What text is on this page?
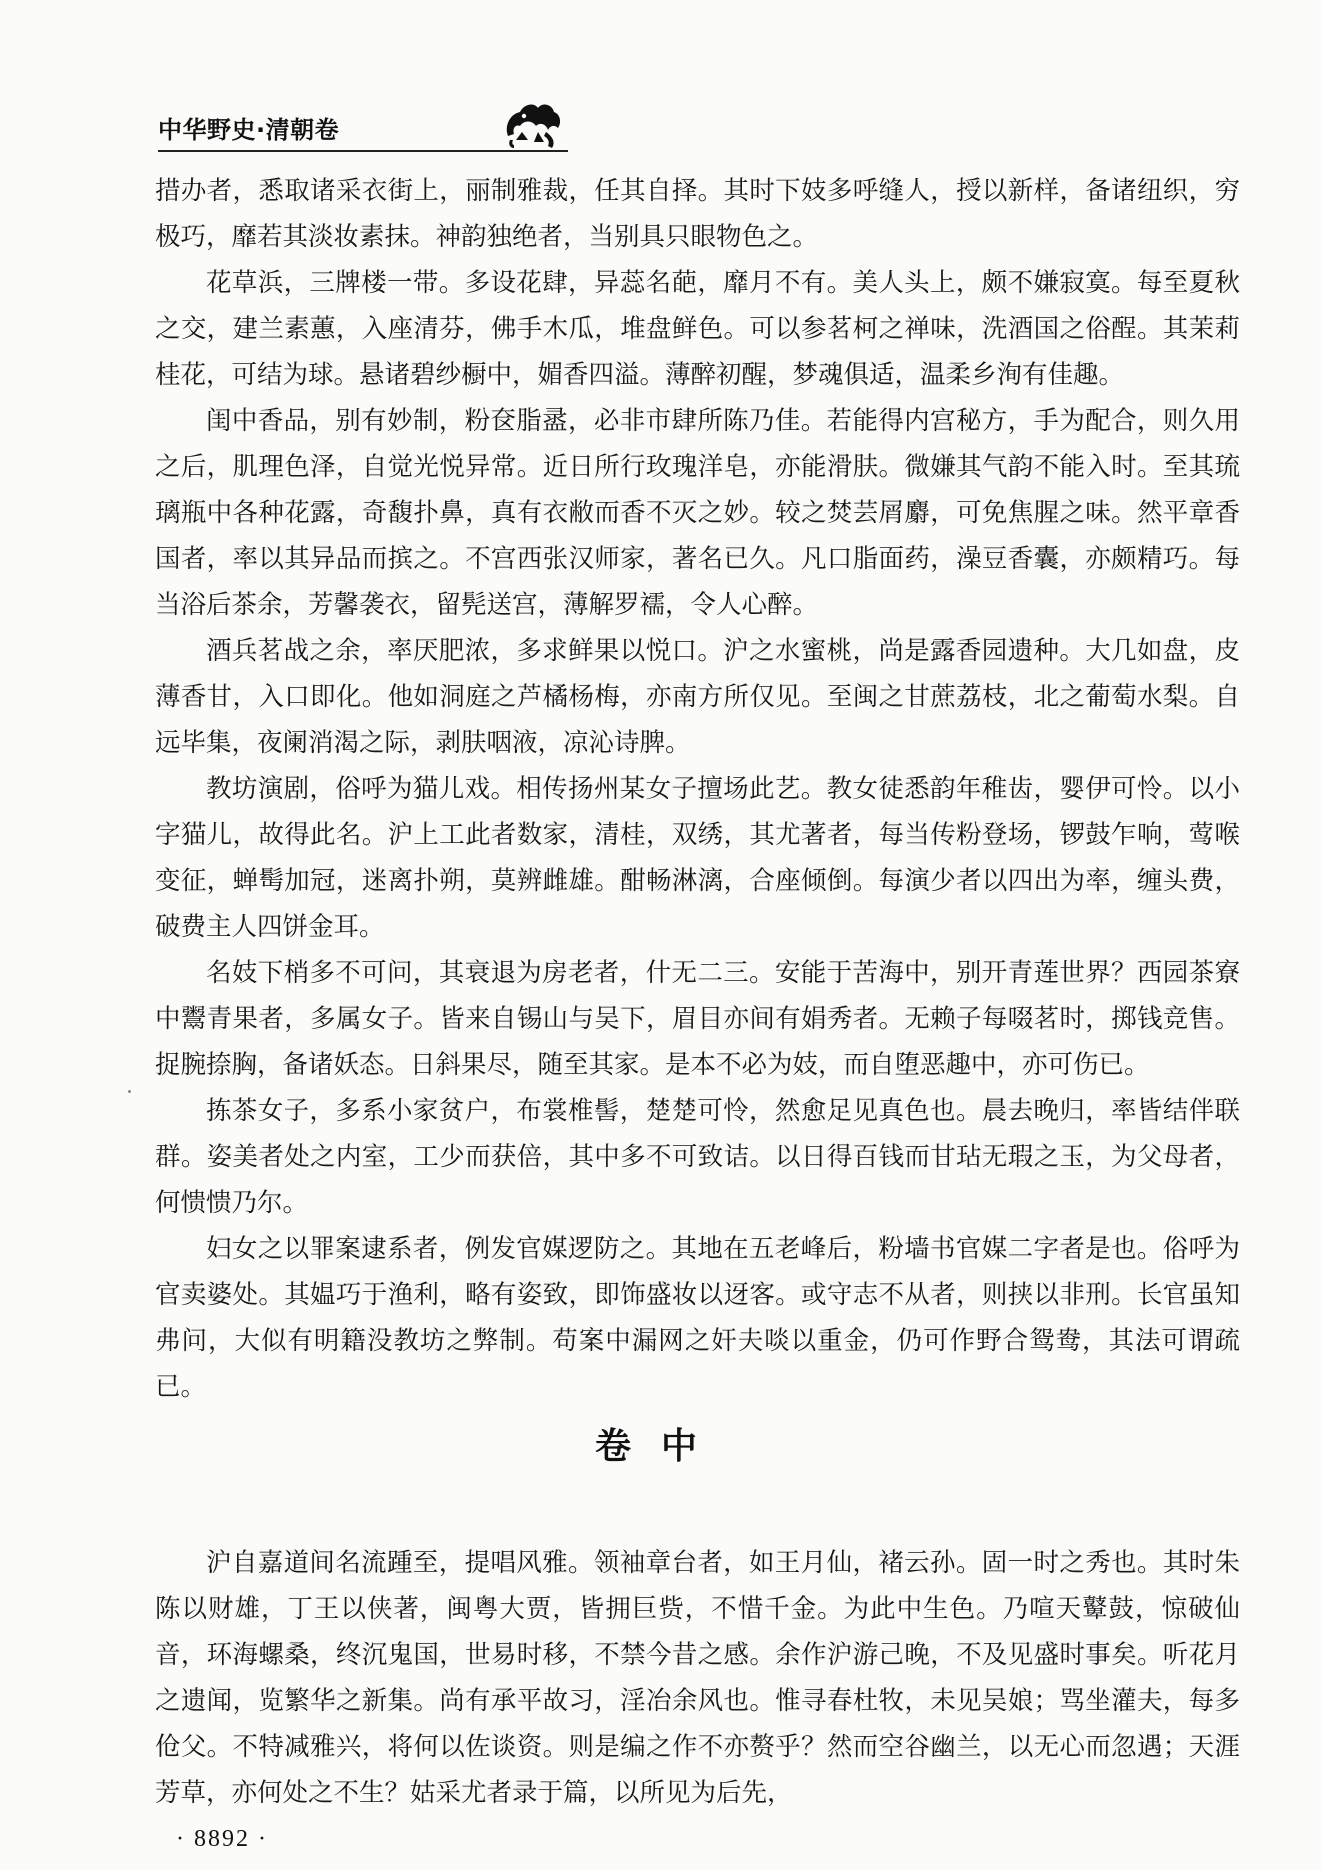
中华野史·清朝卷

措办者，悉取诸采衣街上，丽制雅裁，任其自择。其时下妓多呼缝人，授以新样，备诸纽织，穷极巧，靡若其淡妆素抹。神韵独绝者，当别具只眼物色之。

花草浜，三牌楼一带。多设花肆，异蕊名葩，靡月不有。美人头上，颇不嫌寂寞。每至夏秋之交，建兰素蕙，入座清芬，佛手木瓜，堆盘鲜色。可以参茗柯之禅味，洗酒国之俗酲。其茉莉桂花，可结为球。悬诸碧纱橱中，媚香四溢。薄醉初醒，梦魂俱适，温柔乡洵有佳趣。

闺中香品，别有妙制，粉奁脂盝，必非市肆所陈乃佳。若能得内宫秘方，手为配合，则久用之后，肌理色泽，自觉光悦异常。近日所行玫瑰洋皂，亦能滑肤。微嫌其气韵不能入时。至其琉璃瓶中各种花露，奇馥扑鼻，真有衣敝而香不灭之妙。较之焚芸屑麝，可免焦腥之味。然平章香国者，率以其异品而摈之。不宫西张汉师家，著名已久。凡口脂面药，澡豆香囊，亦颇精巧。每当浴后茶余，芳馨袭衣，留髡送宫，薄解罗襦，令人心醉。

酒兵茗战之余，率厌肥浓，多求鲜果以悦口。沪之水蜜桃，尚是露香园遗种。大几如盘，皮薄香甘，入口即化。他如洞庭之芦橘杨梅，亦南方所仅见。至闽之甘蔗荔枝，北之葡萄水梨。自远毕集，夜阑消渴之际，剥肤咽液，凉沁诗脾。

教坊演剧，俗呼为猫儿戏。相传扬州某女子擅场此艺。教女徒悉韵年稚齿，婴伊可怜。以小字猫儿，故得此名。沪上工此者数家，清桂，双绣，其尤著者，每当传粉登场，锣鼓乍响，莺喉变征，蝉髩加冠，迷离扑朔，莫辨雌雄。酣畅淋漓，合座倾倒。每演少者以四出为率，缠头费，破费主人四饼金耳。

名妓下梢多不可问，其衰退为房老者，什无二三。安能于苦海中，别开青莲世界？西园茶寮中鬻青果者，多属女子。皆来自锡山与吴下，眉目亦间有娟秀者。无赖子每啜茗时，掷钱竞售。捉腕捺胸，备诸妖态。日斜果尽，随至其家。是本不必为妓，而自堕恶趣中，亦可伤已。

拣茶女子，多系小家贫户，布裳椎髻，楚楚可怜，然愈足见真色也。晨去晚归，率皆结伴联群。姿美者处之内室，工少而获倍，其中多不可致诘。以日得百钱而甘玷无瑕之玉，为父母者，何愦愦乃尔。

妇女之以罪案逮系者，例发官媒逻防之。其地在五老峰后，粉墙书官媒二字者是也。俗呼为官卖婆处。其媪巧于渔利，略有姿致，即饰盛妆以迓客。或守志不从者，则挟以非刑。长官虽知弗问，大似有明籍没教坊之弊制。苟案中漏网之奸夫啖以重金，仍可作野合鸳鸯，其法可谓疏已。

卷中

沪自嘉道间名流踵至，提唱风雅。领袖章台者，如王月仙，褚云孙。固一时之秀也。其时朱陈以财雄，丁王以侠著，闽粤大贾，皆拥巨赀，不惜千金。为此中生色。乃喧天鼙鼓，惊破仙音，环海螺桑，终沉鬼国，世易时移，不禁今昔之感。余作沪游己晚，不及见盛时事矣。听花月之遗闻，览繁华之新集。尚有承平故习，淫冶余风也。惟寻春杜牧，未见吴娘；骂坐灌夫，每多伧父。不特减雅兴，将何以佐谈资。则是编之作不亦赘乎？然而空谷幽兰，以无心而忽遇；天涯芳草，亦何处之不生？姑采尤者录于篇，以所见为后先，

· 8892 ·
